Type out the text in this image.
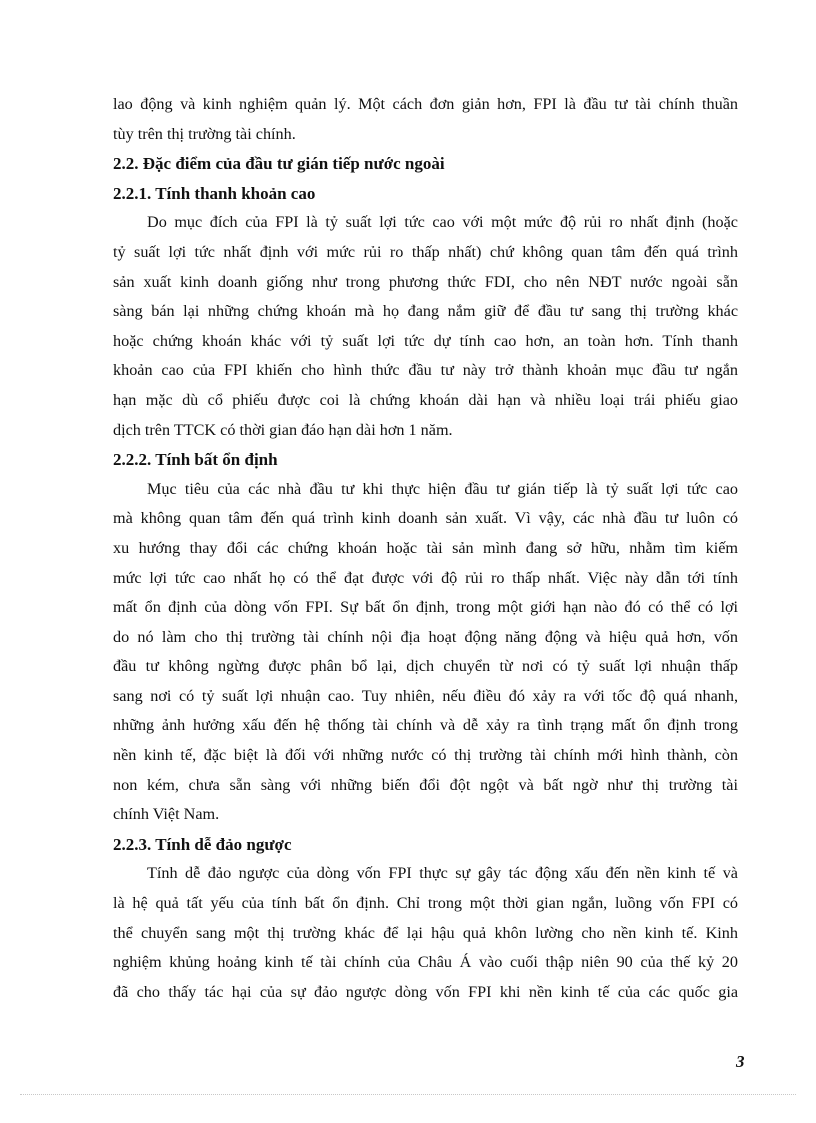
lao động và kinh nghiệm quản lý. Một cách đơn giản hơn, FPI là đầu tư tài chính thuần
tùy trên thị trường tài chính.
2.2. Đặc điểm của đầu tư gián tiếp nước ngoài
2.2.1. Tính thanh khoản cao
Do mục đích của FPI là tỷ suất lợi tức cao với một mức độ rủi ro nhất định (hoặc
tỷ suất lợi tức nhất định với mức rủi ro thấp nhất) chứ không quan tâm đến quá trình
sản xuất kinh doanh giống như trong phương thức FDI, cho nên NĐT nước ngoài sẵn
sàng bán lại những chứng khoán mà họ đang nắm giữ để đầu tư sang thị trường khác
hoặc chứng khoán khác với tỷ suất lợi tức dự tính cao hơn, an toàn hơn. Tính thanh
khoản cao của FPI khiến cho hình thức đầu tư này trở thành khoản mục đầu tư ngắn
hạn mặc dù cổ phiếu được coi là chứng khoán dài hạn và nhiều loại trái phiếu giao
dịch trên TTCK có thời gian đáo hạn dài hơn 1 năm.
2.2.2. Tính bất ổn định
Mục tiêu của các nhà đầu tư khi thực hiện đầu tư gián tiếp là tỷ suất lợi tức cao
mà không quan tâm đến quá trình kinh doanh sản xuất. Vì vậy, các nhà đầu tư luôn có
xu hướng thay đổi các chứng khoán hoặc tài sản mình đang sở hữu, nhằm tìm kiếm
mức lợi tức cao nhất họ có thể đạt được với độ rủi ro thấp nhất. Việc này dẫn tới tính
mất ổn định của dòng vốn FPI. Sự bất ổn định, trong một giới hạn nào đó có thể có lợi
do nó làm cho thị trường tài chính nội địa hoạt động năng động và hiệu quả hơn, vốn
đầu tư không ngừng được phân bổ lại, dịch chuyển từ nơi có tỷ suất lợi nhuận thấp
sang nơi có tỷ suất lợi nhuận cao. Tuy nhiên, nếu điều đó xảy ra với tốc độ quá nhanh,
những ảnh hưởng xấu đến hệ thống tài chính và dễ xảy ra tình trạng mất ổn định trong
nền kinh tế, đặc biệt là đối với những nước có thị trường tài chính mới hình thành, còn
non kém, chưa sẵn sàng với những biến đổi đột ngột và bất ngờ như thị trường tài
chính Việt Nam.
2.2.3. Tính dễ đảo ngược
Tính dễ đảo ngược của dòng vốn FPI thực sự gây tác động xấu đến nền kinh tế và
là hệ quả tất yếu của tính bất ổn định. Chỉ trong một thời gian ngắn, luồng vốn FPI có
thể chuyển sang một thị trường khác để lại hậu quả khôn lường cho nền kinh tế. Kinh
nghiệm khủng hoảng kinh tế tài chính của Châu Á vào cuối thập niên 90 của thế kỷ 20
đã cho thấy tác hại của sự đảo ngược dòng vốn FPI khi nền kinh tế của các quốc gia
3
